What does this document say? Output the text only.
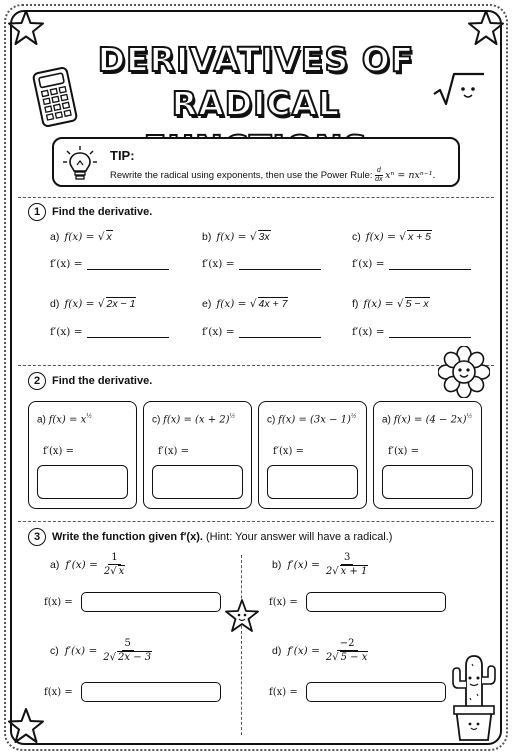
DERIVATIVES OF
RADICAL
TIP:
Rewrite the radical using exponents, then use the Power Rule: $\frac{d}{dx}$ xⁿ = nxⁿ⁻¹.
1	Find the derivative.
a) f(x) = √ x	b) f(x) = √ 3x	c) f(x) = √ x + 5
f′(x) =	f′(x) =	f′(x) =
d) f(x) = √ 2x − 1	e) f(x) = √ 4x + 7	f) f(x) = √ 5 − x
f′(x) =	f′(x) =	f′(x) =
2	Find the derivative.
a) $f(x) = x^{\frac{1}{2}}$
f′(x) =
c) $f(x) = (x + 2)^{\frac{1}{2}}$
f′(x) =
c) $f(x) = (3x - 1)^{\frac{1}{2}}$
f′(x) =
a) $f(x) = (4 - 2x)^{\frac{1}{2}}$
f′(x) =
3	Write the function given f′(x). (Hint: Your answer will have a radical.)
a) $f'(x) = \frac{1}{2√ x}$	b) $f'(x) = \frac{3}{2√ x + 1}$
f(x) =	f(x) =
c) $f'(x) = \frac{5}{2√ 2x - 3}$	d) $f'(x) = \frac{-2}{2√ 5 - x}$
f(x) =	f(x) =
